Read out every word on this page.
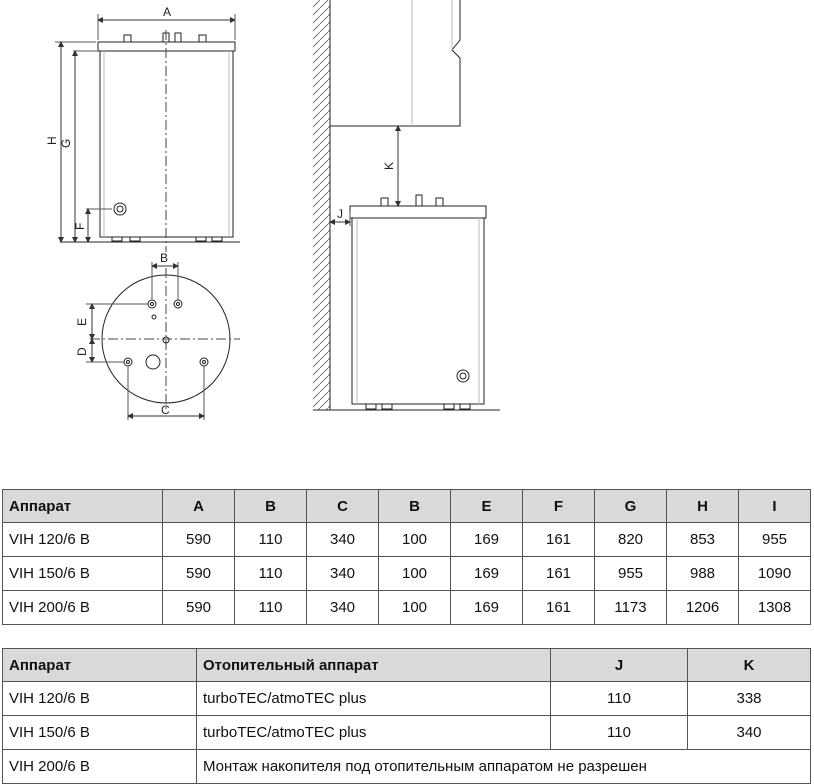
A
H G
F
B
C
E
D
K
J
Аппарат	A	B	C	B	E	F	G	H	I
VIH 120/6 B	590	110	340	100	169	161	820	853	955
VIH 150/6 B	590	110	340	100	169	161	955	988	1090
VIH 200/6 B	590	110	340	100	169	161	1173	1206	1308
Аппарат	Отопительный аппарат	J	K
VIH 120/6 B	turboTEC/atmoTEC plus	110	338
VIH 150/6 B	turboTEC/atmoTEC plus	110	340
VIH 200/6 B	Монтаж накопителя под отопительным аппаратом не разрешен		
